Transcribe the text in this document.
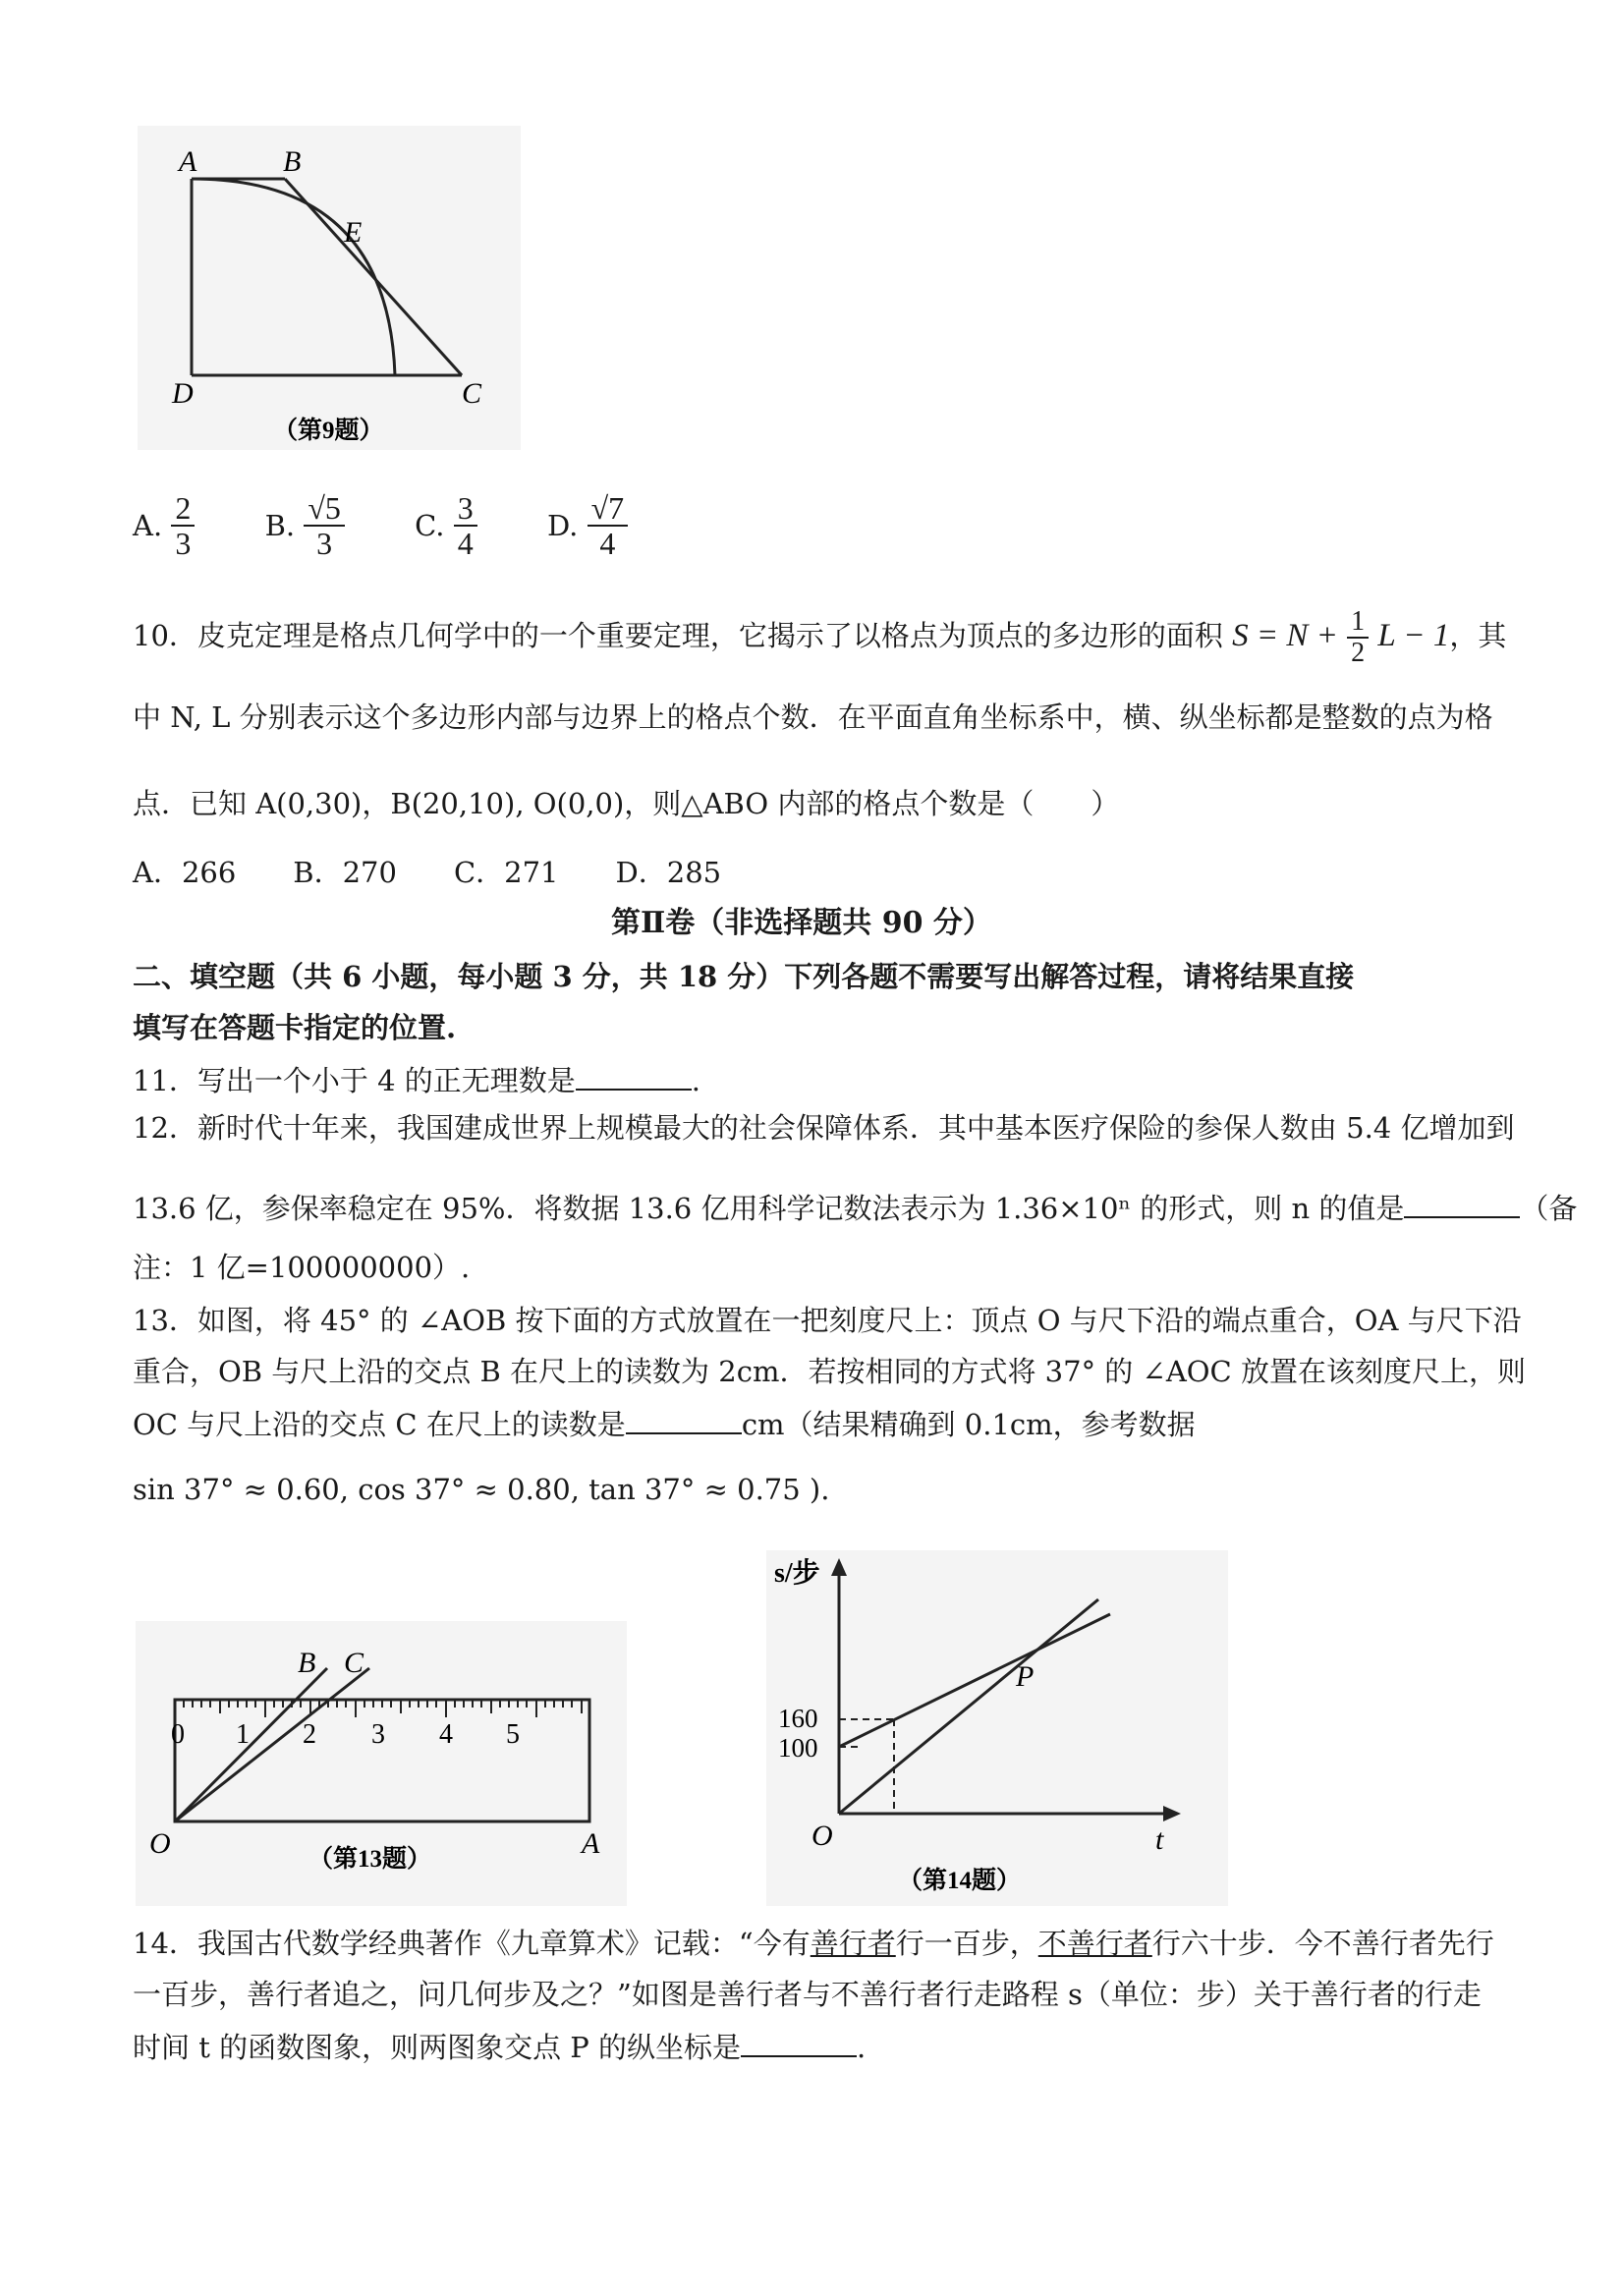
A	B
E
D	C
（第9题）
A. $\frac{2}{3} B$. $\frac{√5}{3} C$. $\frac{3}{4} D$. $\frac{√7}{4}$
10．皮克定理是格点几何学中的一个重要定理，它揭示了以格点为顶点的多边形的面积 $S = N + \frac{1}{2}$ L − 1，其
中 N, L 分别表示这个多边形内部与边界上的格点个数．在平面直角坐标系中，横、纵坐标都是整数的点为格
点．已知 A(0,30)，B(20,10), O(0,0)，则△ABO 内部的格点个数是（　　）
A．266　　B．270　　C．271　　D．285
第Ⅱ卷（非选择题共 90 分）
二、填空题（共 6 小题，每小题 3 分，共 18 分）下列各题不需要写出解答过程，请将结果直接
填写在答题卡指定的位置.
11．写出一个小于 4 的正无理数是	.
12．新时代十年来，我国建成世界上规模最大的社会保障体系．其中基本医疗保险的参保人数由 5.4 亿增加到
13.6 亿，参保率稳定在 95%．将数据 13.6 亿用科学记数法表示为 1.36×10ⁿ 的形式，则 n 的值是	（备
注：1 亿=100000000）.
13．如图，将 45° 的 ∠AOB 按下面的方式放置在一把刻度尺上：顶点 O 与尺下沿的端点重合，OA 与尺下沿
重合，OB 与尺上沿的交点 B 在尺上的读数为 2cm．若按相同的方式将 37° 的 ∠AOC 放置在该刻度尺上，则
OC 与尺上沿的交点 C 在尺上的读数是	cm（结果精确到 0.1cm，参考数据
sin 37° ≈ 0.60, cos 37° ≈ 0.80, tan 37° ≈ 0.75 ).
0 1 2 3 4 5
B C
O	A
（第13题）
s/步
160
100
O	t
P
（第14题）
14．我国古代数学经典著作《九章算术》记载：“今有善行者行一百步，不善行者行六十步．今不善行者先行
一百步，善行者追之，问几何步及之？”如图是善行者与不善行者行走路程 s（单位：步）关于善行者的行走
时间 t 的函数图象，则两图象交点 P 的纵坐标是	.
